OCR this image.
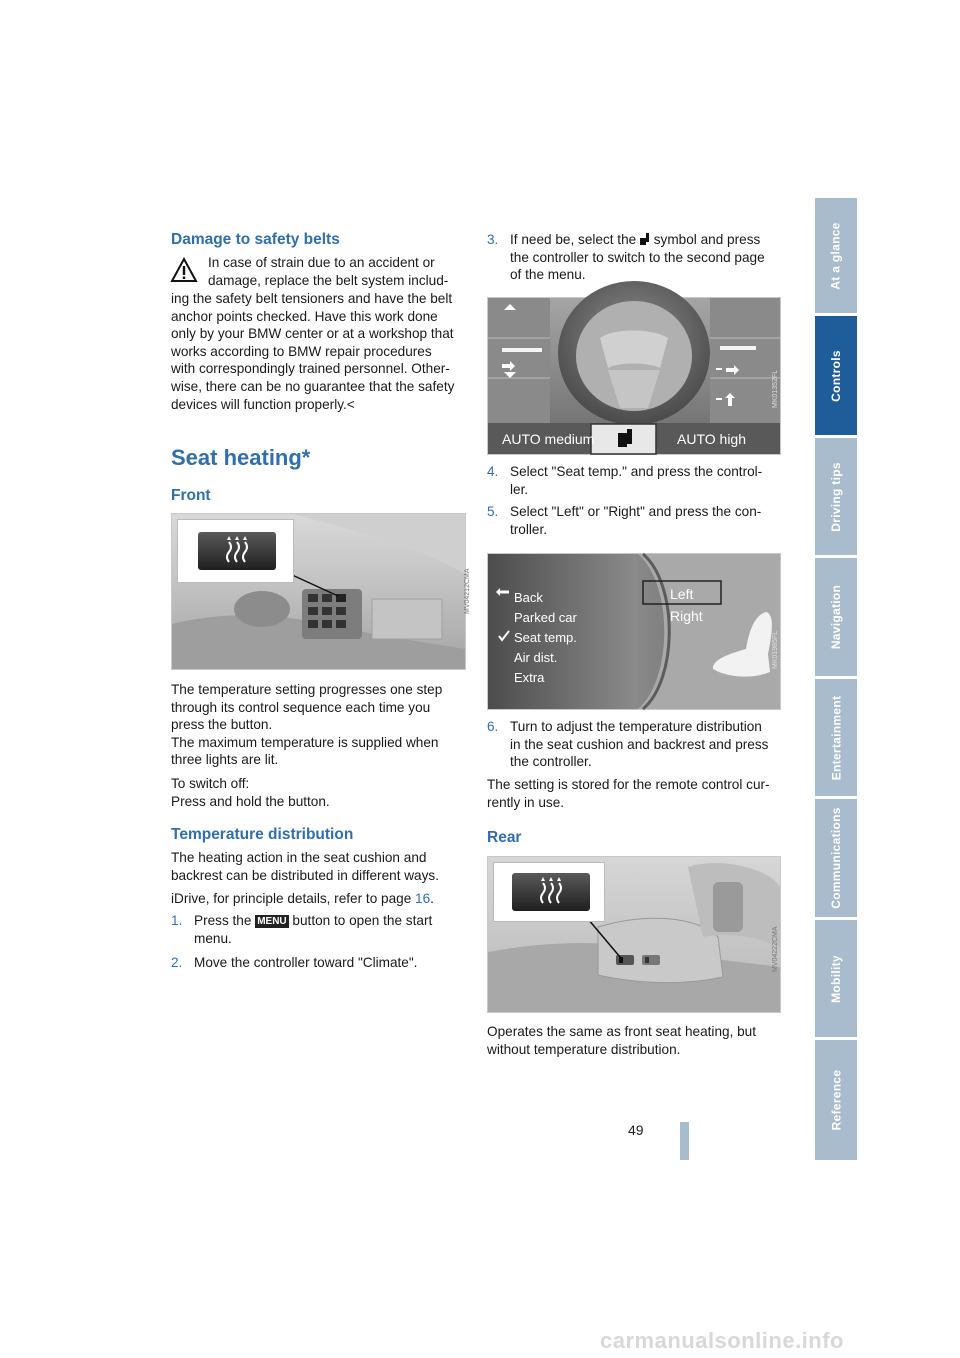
Damage to safety belts

In case of strain due to an accident or

damage, replace the belt system includ-

ing the safety belt tensioners and have the belt

anchor points checked. Have this work done

only by your BMW center or at a workshop that

works according to BMW repair procedures

with correspondingly trained personnel. Other-

wise, there can be no guarantee that the safety

devices will function properly.<

Seat heating*
Front
MV04212CMA

The temperature setting progresses one step

through its control sequence each time you

press the button.

The maximum temperature is supplied when

three lights are lit.

To switch off:

Press and hold the button.

Temperature distribution

The heating action in the seat cushion and

backrest can be distributed in different ways.

iDrive, for principle details, refer to page 16.

1. Press the MENU button to open the start

menu.

2. Move the controller toward "Climate".

3. If need be, select the  symbol and press

the controller to switch to the second page

of the menu.

AUTO medium	AUTO high
MK01352FL
4. Select "Seat temp." and press the control-

ler.

5. Select "Left" or "Right" and press the con-

troller.

Back
Parked car
Seat temp.
Air dist.
Extra
Left
Right
MK01985FL
6. Turn to adjust the temperature distribution

in the seat cushion and backrest and press

the controller.

The setting is stored for the remote control cur-

rently in use.

Rear
MV04222CMA

Operates the same as front seat heating, but

without temperature distribution.

49
At a glance
Controls
Driving tips
Navigation
Entertainment
Communications
Mobility
Reference
carmanualsonline.info
